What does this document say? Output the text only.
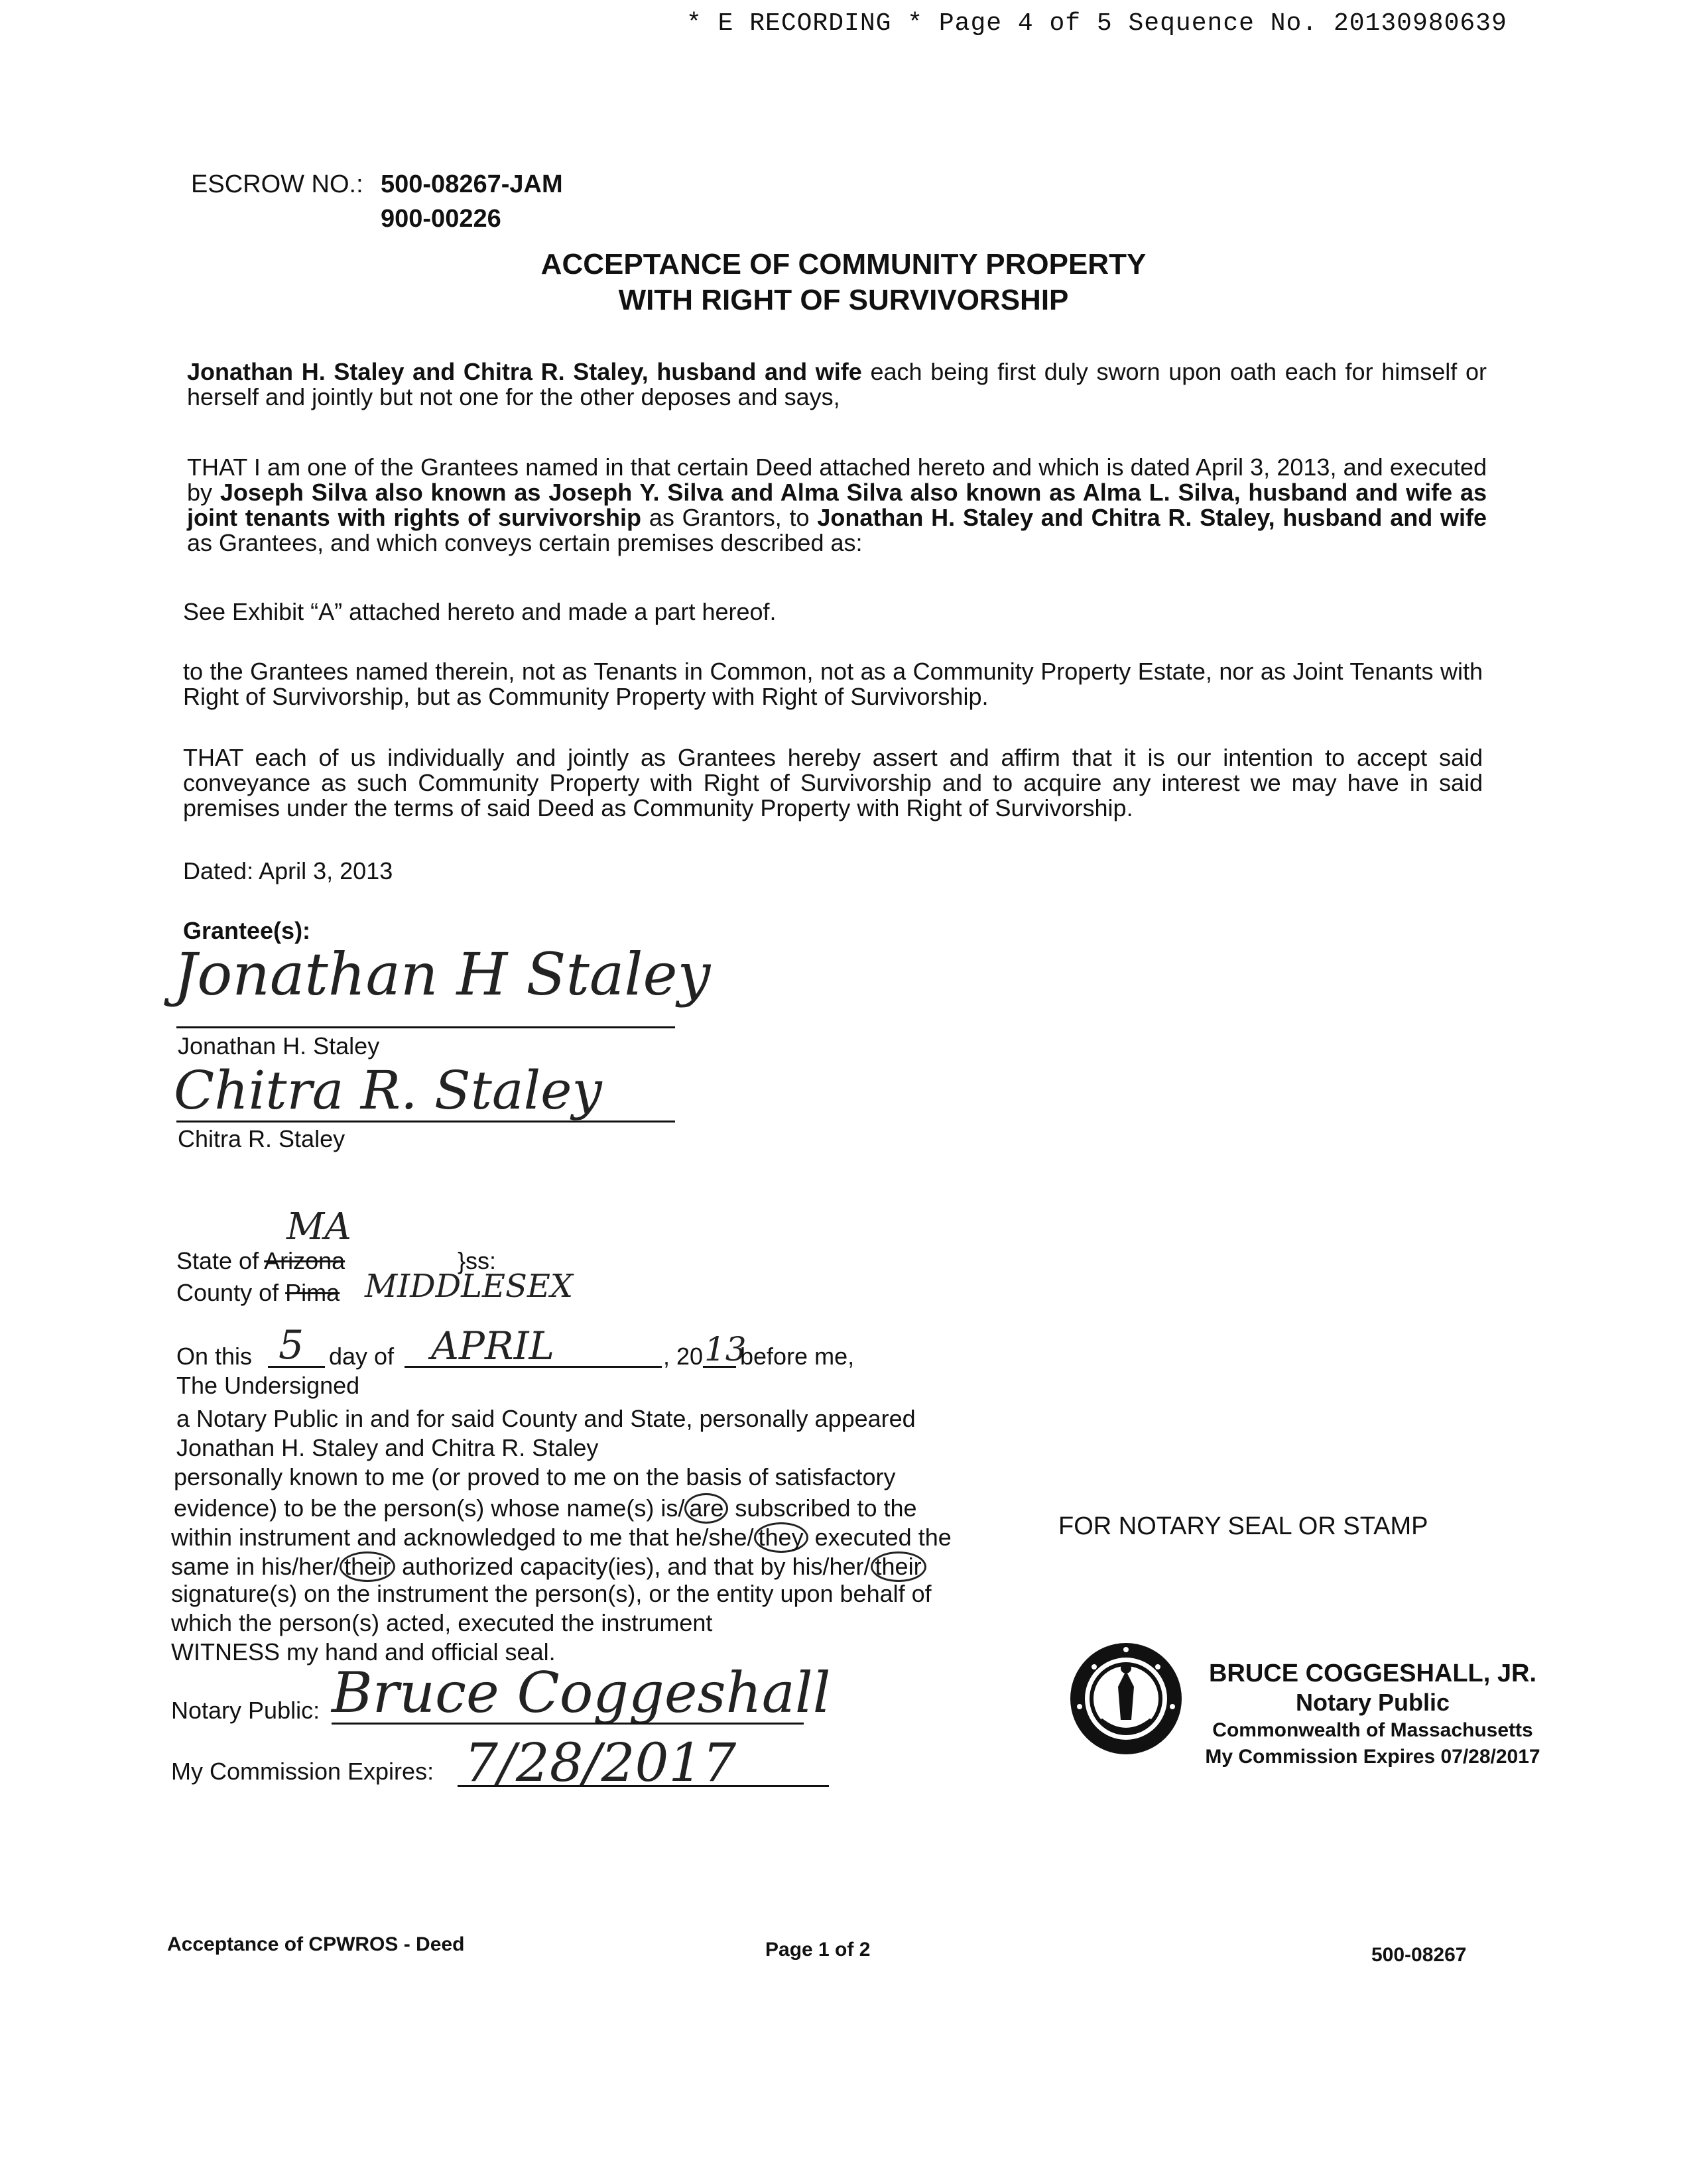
* E RECORDING * Page 4 of 5 Sequence No. 20130980639
ESCROW NO.: 500-08267-JAM
900-00226
ACCEPTANCE OF COMMUNITY PROPERTY
WITH RIGHT OF SURVIVORSHIP
Jonathan H. Staley and Chitra R. Staley, husband and wife each being first duly sworn upon oath each for himself or herself and jointly but not one for the other deposes and says,
THAT I am one of the Grantees named in that certain Deed attached hereto and which is dated April 3, 2013, and executed by Joseph Silva also known as Joseph Y. Silva and Alma Silva also known as Alma L. Silva, husband and wife as joint tenants with rights of survivorship as Grantors, to Jonathan H. Staley and Chitra R. Staley, husband and wife as Grantees, and which conveys certain premises described as:
See Exhibit “A” attached hereto and made a part hereof.
to the Grantees named therein, not as Tenants in Common, not as a Community Property Estate, nor as Joint Tenants with Right of Survivorship, but as Community Property with Right of Survivorship.
THAT each of us individually and jointly as Grantees hereby assert and affirm that it is our intention to accept said conveyance as such Community Property with Right of Survivorship and to acquire any interest we may have in said premises under the terms of said Deed as Community Property with Right of Survivorship.
Dated: April 3, 2013
Grantee(s):
Jonathan H Staley
Jonathan H. Staley
Chitra R. Staley
Chitra R. Staley
MA
State of Arizona	}ss:
County of Pima MIDDLESEX
On this 5 day of APRIL	, 20 13
before me,
The Undersigned
a Notary Public in and for said County and State, personally appeared
Jonathan H. Staley and Chitra R. Staley
personally known to me (or proved to me on the basis of satisfactory
evidence) to be the person(s) whose name(s) is/ are subscribed to the
within instrument and acknowledged to me that he/she/ they executed the
same in his/her/ their authorized capacity(ies), and that by his/her/ their
signature(s) on the instrument the person(s), or the entity upon behalf of
which the person(s) acted, executed the instrument
WITNESS my hand and official seal.
Notary Public: Bruce Coggeshall
My Commission Expires: 7/28/2017
FOR NOTARY SEAL OR STAMP
BRUCE COGGESHALL, JR.
Notary Public
Commonwealth of Massachusetts
My Commission Expires 07/28/2017
Acceptance of CPWROS - Deed	Page 1 of 2	500-08267
